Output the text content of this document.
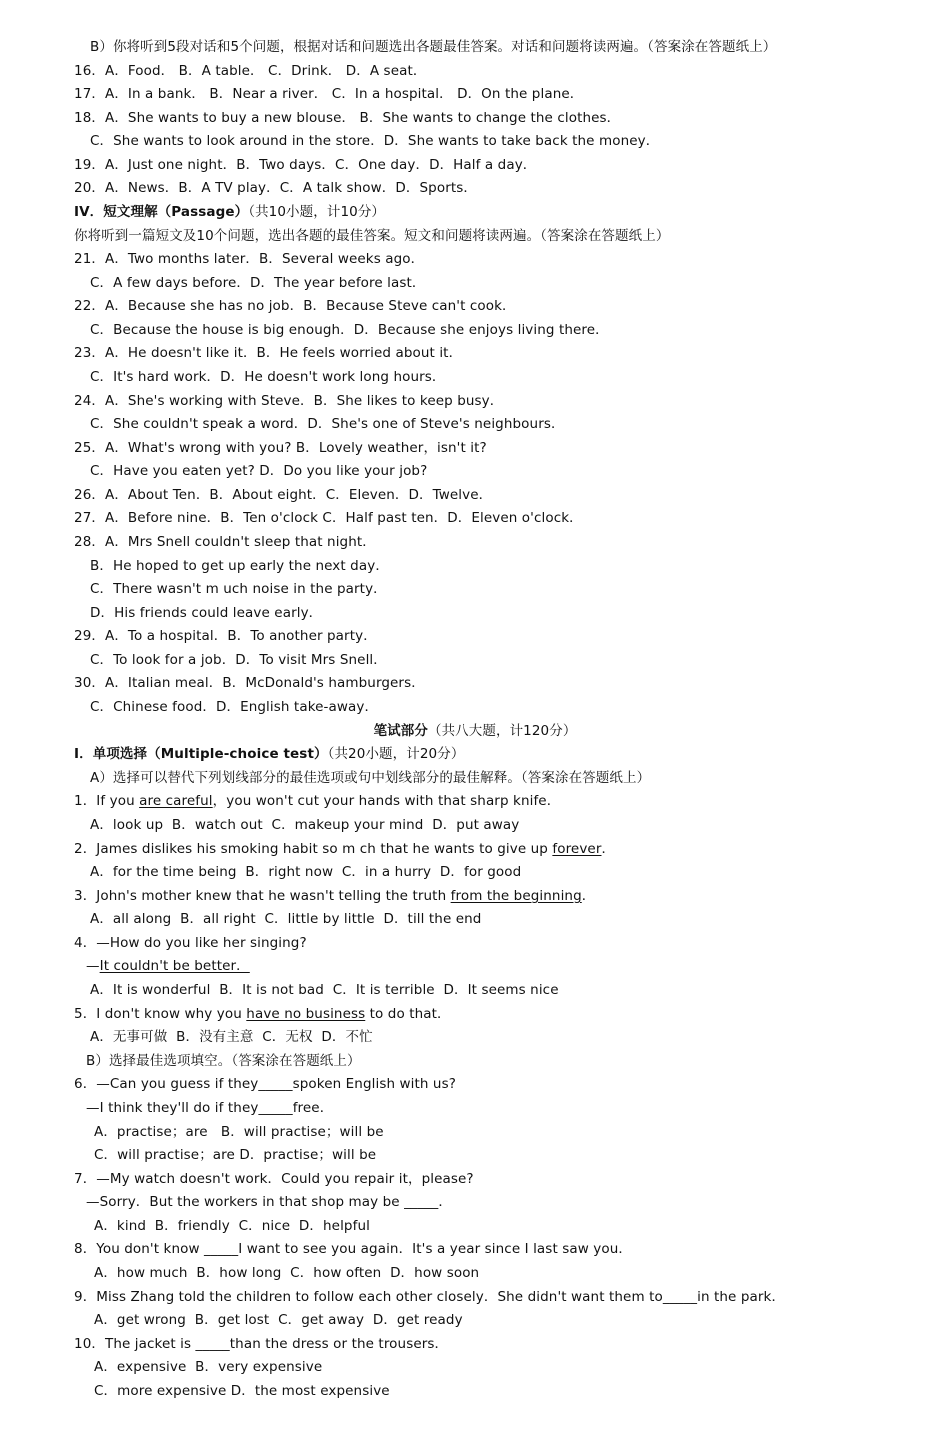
B）你将听到5段对话和5个问题，根据对话和问题选出各题最佳答案。对话和问题将读两遍。（答案涂在答题纸上）
16．A．Food． B．A table． C．Drink． D．A seat．
17．A．In a bank． B．Near a river． C．In a hospital． D．On the plane．
18．A．She wants to buy a new blouse． B．She wants to change the clothes．
C．She wants to look around in the store．D．She wants to take back the money．
19．A．Just one night．B．Two days．C．One day．D．Half a day．
20．A．News．B．A TV play．C．A talk show．D．Sports．
IV．短文理解（Passage）（共10小题，计10分）
你将听到一篇短文及10个问题，选出各题的最佳答案。短文和问题将读两遍。（答案涂在答题纸上）
21．A．Two months later．B．Several weeks ago．
C．A few days before．D．The year before last．
22．A．Because she has no job．B．Because Steve can't cook．
C．Because the house is big enough．D．Because she enjoys living there．
23．A．He doesn't like it．B．He feels worried about it．
C．It's hard work．D．He doesn't work long hours．
24．A．She's working with Steve．B．She likes to keep busy．
C．She couldn't speak a word．D．She's one of Steve's neighbours．
25．A．What's wrong with you? B．Lovely weather，isn't it?
C．Have you eaten yet? D．Do you like your job?
26．A．About Ten．B．About eight．C．Eleven．D．Twelve．
27．A．Before nine．B．Ten o'clock C．Half past ten．D．Eleven o'clock．
28．A．Mrs Snell couldn't sleep that night．
B．He hoped to get up early the next day．
C．There wasn't m uch noise in the party．
D．His friends could leave early．
29．A．To a hospital．B．To another party．
C．To look for a job．D．To visit Mrs Snell．
30．A．Italian meal．B．McDonald's hamburgers．
C．Chinese food．D．English take-away．
笔试部分（共八大题，计120分）
I．单项选择（Multiple-choice test）（共20小题，计20分）
A）选择可以替代下列划线部分的最佳选项或句中划线部分的最佳解释。（答案涂在答题纸上）
1．If you are careful，you won't cut your hands with that sharp knife．
A．look up  B．watch out  C．makeup your mind  D．put away
2．James dislikes his smoking habit so m ch that he wants to give up forever．
A．for the time being  B．right now  C．in a hurry  D．for good
3．John's mother knew that he wasn't telling the truth from the beginning．
A．all along  B．all right  C．little by little  D．till the end
4．—How do you like her singing?
—It couldn't be better．
A．It is wonderful  B．It is not bad  C．It is terrible  D．It seems nice
5．I don't know why you have no business to do that．
A．无事可做  B．没有主意  C．无权  D．不忙
B）选择最佳选项填空。（答案涂在答题纸上）
6．—Can you guess if they_____spoken English with us?
—I think they'll do if they_____free．
A．practise；are   B．will practise；will be
C．will practise；are D．practise；will be
7．—My watch doesn't work．Could you repair it，please?
—Sorry．But the workers in that shop may be _____．
A．kind  B．friendly  C．nice  D．helpful
8．You don't know _____I want to see you again．It's a year since I last saw you．
A．how much  B．how long  C．how often  D．how soon
9．Miss Zhang told the children to follow each other closely．She didn't want them to_____in the park．
A．get wrong  B．get lost  C．get away  D．get ready
10．The jacket is _____than the dress or the trousers．
A．expensive  B．very expensive
C．more expensive D．the most expensive
